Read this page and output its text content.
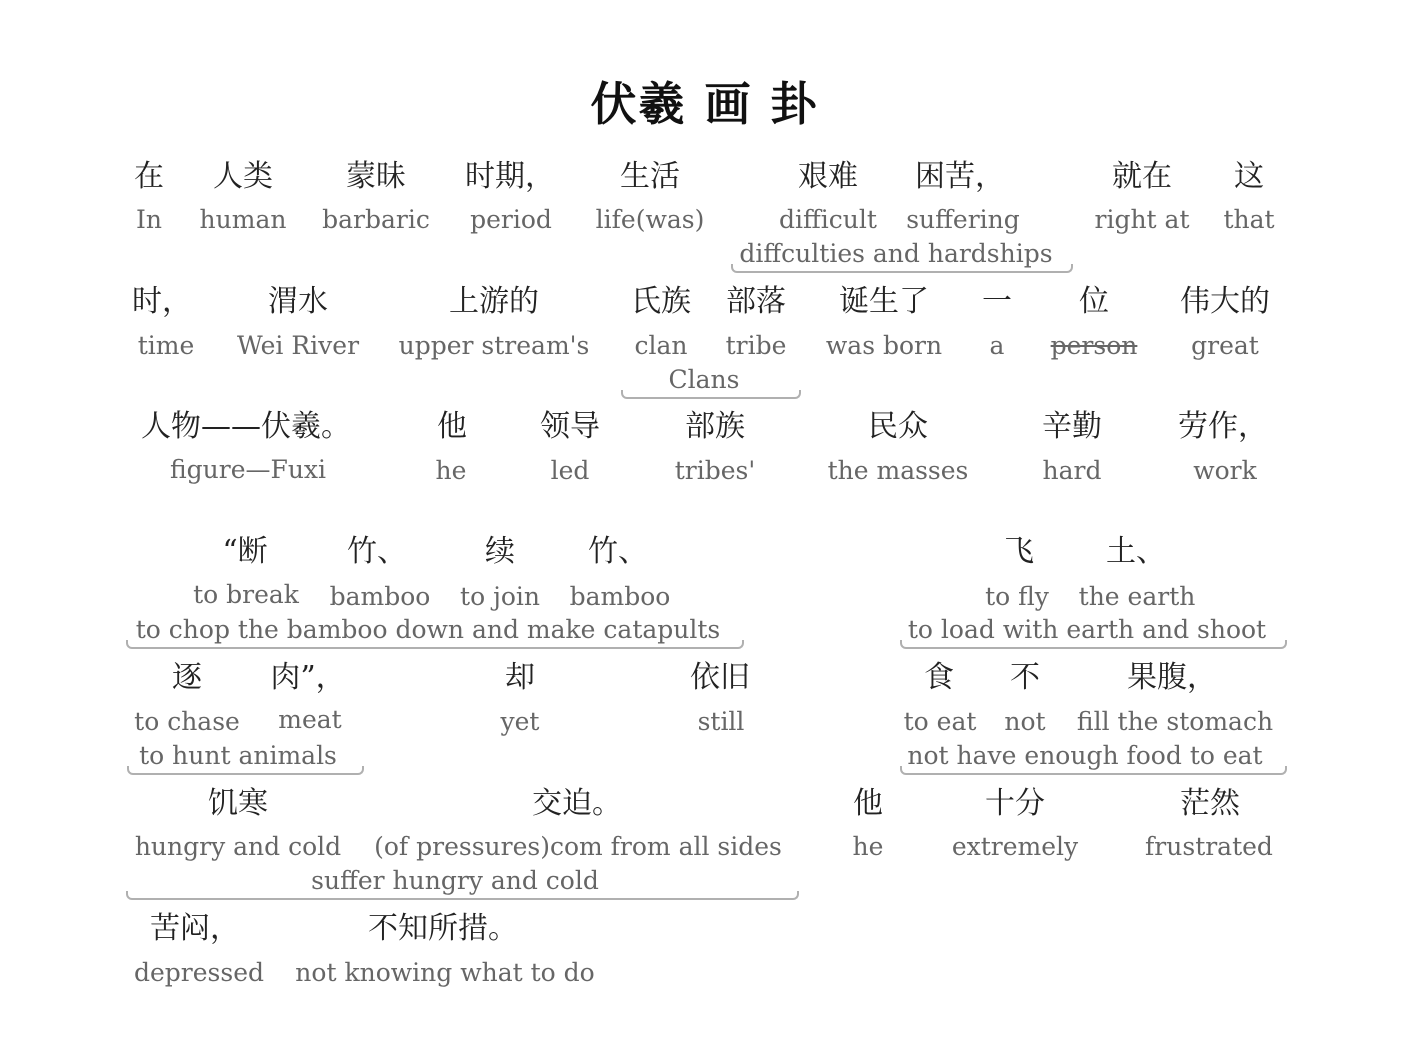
伏羲 画 卦
在
In
人类
human
蒙昧
barbaric
时期，
period
生活
life(was)
艰难
difficult
困苦，
suffering
就在
right at
这
that
diffculties and hardships
时，
time
渭水
Wei River
上游的
upper stream's
氏族
clan
部落
tribe
诞生了
was born
一
a
位
person
伟大的
great
Clans
人物——伏羲。
figure—Fuxi
他
he
领导
led
部族
tribes'
民众
the masses
辛勤
hard
劳作，
work
“断
to break
竹、
bamboo
续
to join
竹、
bamboo
飞
to fly
土、
the earth
to chop the bamboo down and make catapults	to load with earth and shoot
逐
to chase
肉”，
meat
却
yet
依旧
still
食
to eat
不
not
果腹，
fill the stomach
to hunt animals	not have enough food to eat
饥寒
hungry and cold
交迫。
(of pressures)com from all sides
他
he
十分
extremely
茫然
frustrated
suffer hungry and cold
苦闷，
depressed
不知所措。
not knowing what to do
